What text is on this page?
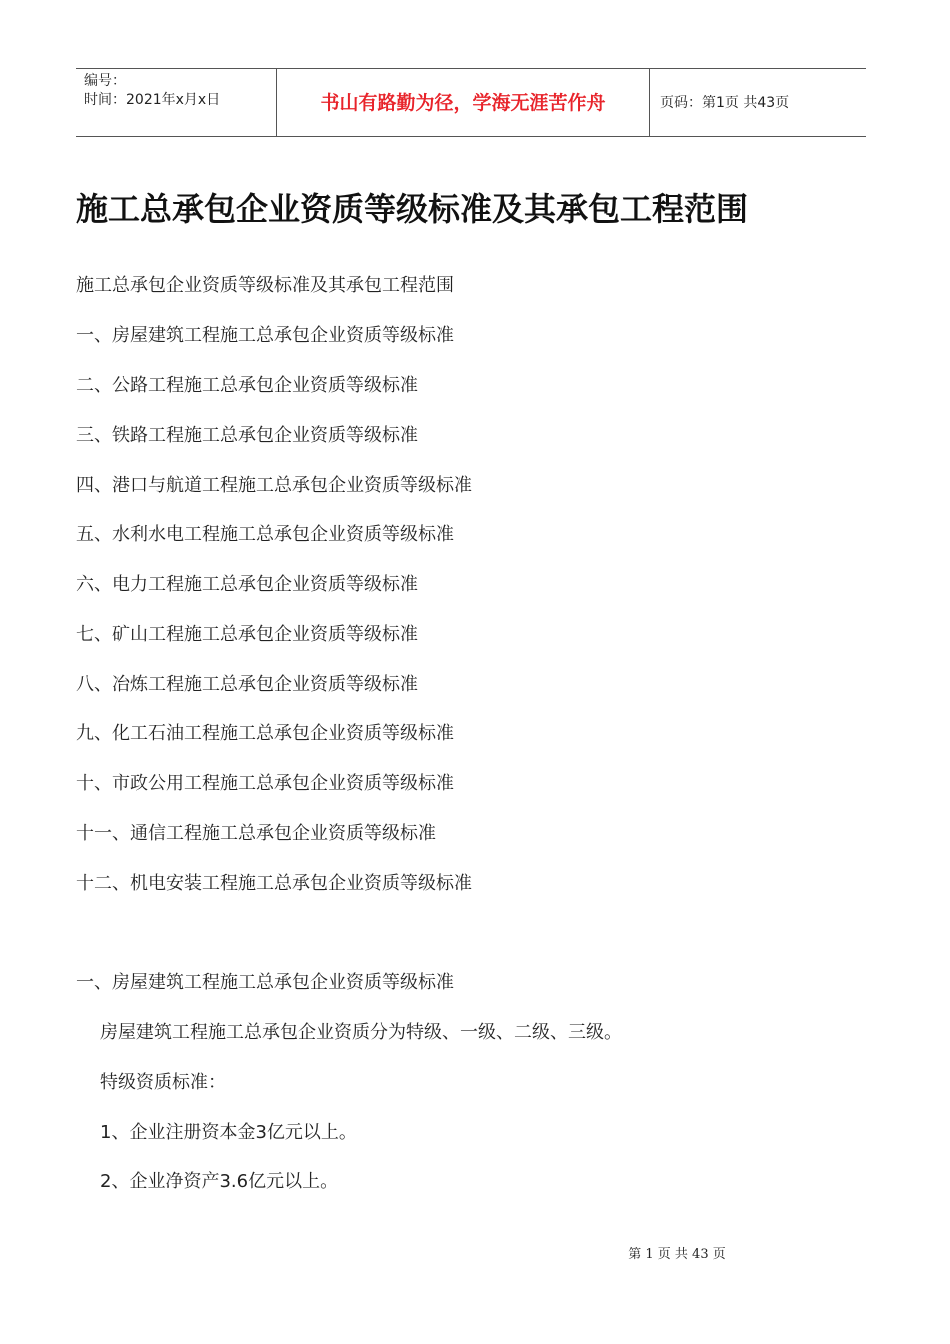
编号：
时间：2021年x月x日	书山有路勤为径，学海无涯苦作舟	页码：第1页 共43页
施工总承包企业资质等级标准及其承包工程范围
施工总承包企业资质等级标准及其承包工程范围
一、房屋建筑工程施工总承包企业资质等级标准
二、公路工程施工总承包企业资质等级标准
三、铁路工程施工总承包企业资质等级标准
四、港口与航道工程施工总承包企业资质等级标准
五、水利水电工程施工总承包企业资质等级标准
六、电力工程施工总承包企业资质等级标准
七、矿山工程施工总承包企业资质等级标准
八、冶炼工程施工总承包企业资质等级标准
九、化工石油工程施工总承包企业资质等级标准
十、市政公用工程施工总承包企业资质等级标准
十一、通信工程施工总承包企业资质等级标准
十二、机电安装工程施工总承包企业资质等级标准
一、房屋建筑工程施工总承包企业资质等级标准
房屋建筑工程施工总承包企业资质分为特级、一级、二级、三级。
特级资质标准：
1、企业注册资本金3亿元以上。
2、企业净资产3.6亿元以上。
第 1 页 共 43 页
